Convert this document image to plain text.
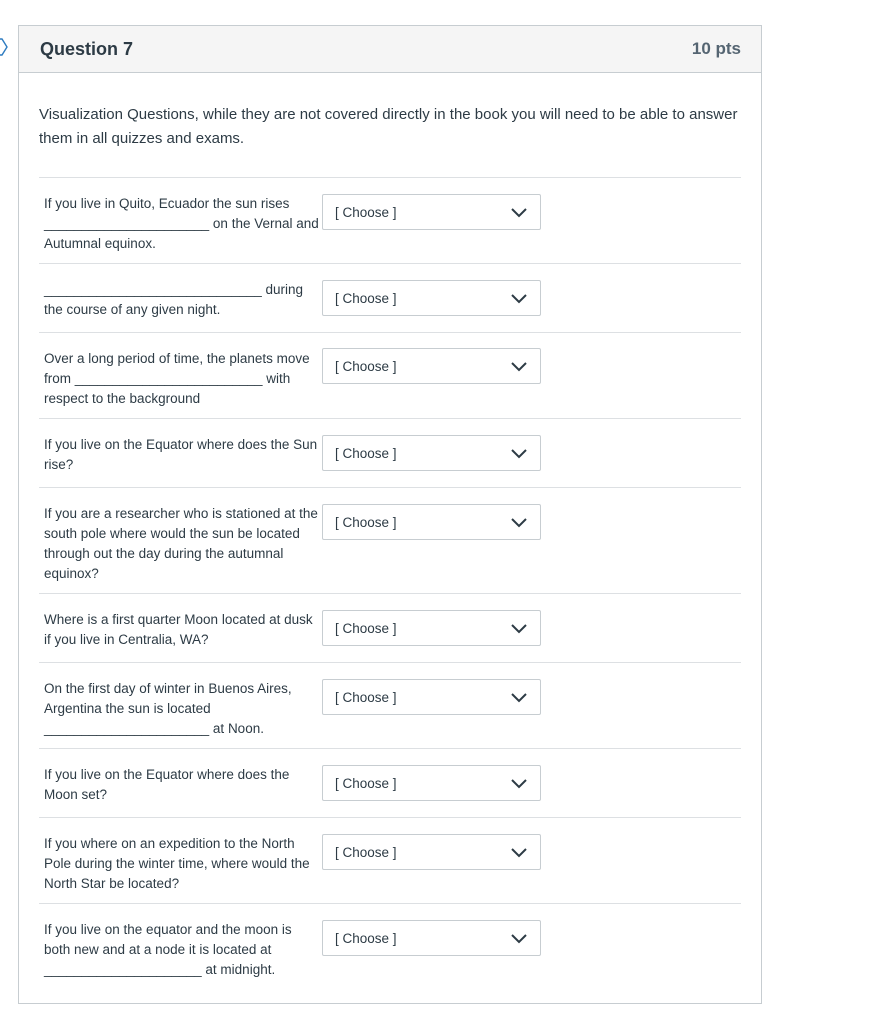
Question 7	10 pts

Visualization Questions, while they are not covered directly in the book you will need to be able to answer them in all quizzes and exams.

If you live in Quito, Ecuador the sun rises ______________________ on the Vernal and Autumnal equinox.
[ Choose ]
_____________________________ during the course of any given night.
[ Choose ]
Over a long period of time, the planets move from _________________________ with respect to the background
[ Choose ]
If you live on the Equator where does the Sun rise?
[ Choose ]
If you are a researcher who is stationed at the south pole where would the sun be located through out the day during the autumnal equinox?
[ Choose ]
Where is a first quarter Moon located at dusk if you live in Centralia, WA?
[ Choose ]
On the first day of winter in Buenos Aires, Argentina the sun is located ______________________ at Noon.
[ Choose ]
If you live on the Equator where does the Moon set?
[ Choose ]
If you where on an expedition to the North Pole during the winter time, where would the North Star be located?
[ Choose ]
If you live on the equator and the moon is both new and at a node it is located at _____________________ at midnight.
[ Choose ]
